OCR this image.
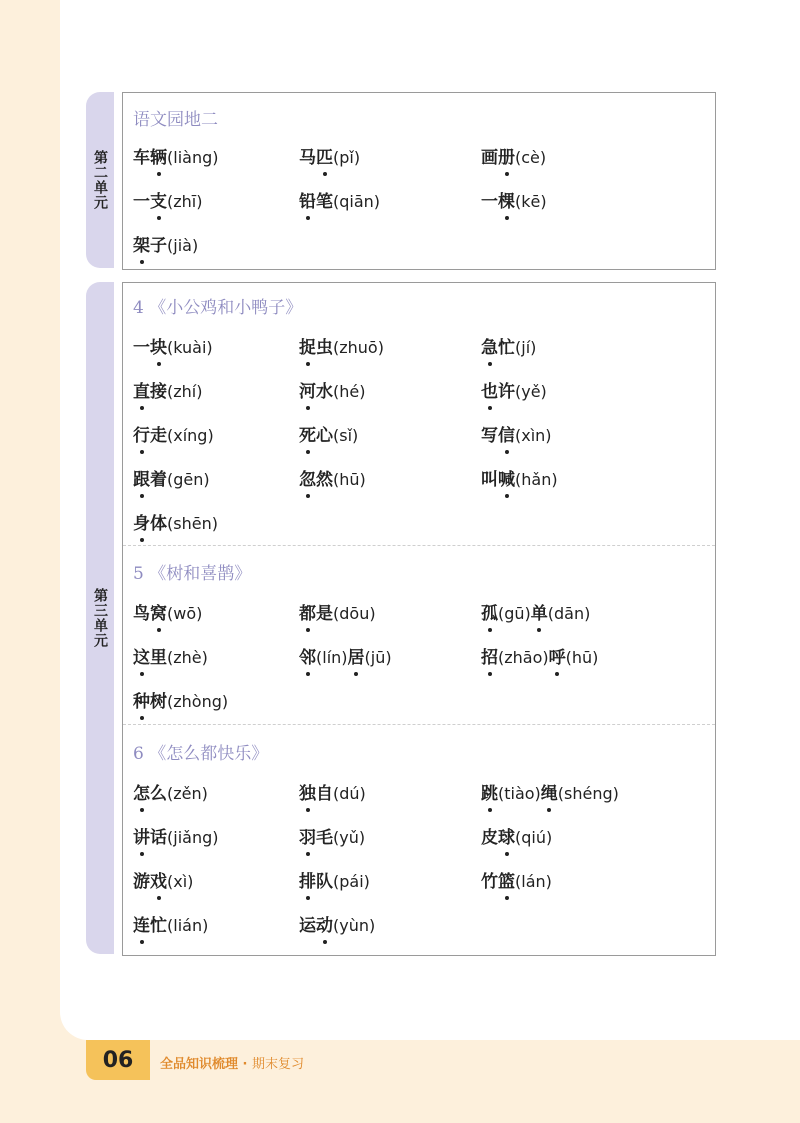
第二单元
语文园地二
车辆(liàng)	马匹(pǐ)	画册(cè)
一支(zhī)	铅笔(qiān)	一棵(kē)
架子(jià)
第三单元
4 《小公鸡和小鸭子》
5 《树和喜鹊》
6 《怎么都快乐》
一块(kuài)	捉虫(zhuō)	急忙(jí)
直接(zhí)	河水(hé)	也许(yě)
行走(xíng)	死心(sǐ)	写信(xìn)
跟着(gēn)	忽然(hū)	叫喊(hǎn)
身体(shēn)
鸟窝(wō)	都是(dōu)	孤(gū)单(dān)
这里(zhè)	邻(lín)居(jū)	招(zhāo)呼(hū)
种树(zhòng)
怎么(zěn)	独自(dú)	跳(tiào)绳(shéng)
讲话(jiǎng)	羽毛(yǔ)	皮球(qiú)
游戏(xì)	排队(pái)	竹篮(lán)
连忙(lián)	运动(yùn)
06	全品知识梳理 · 期末复习
